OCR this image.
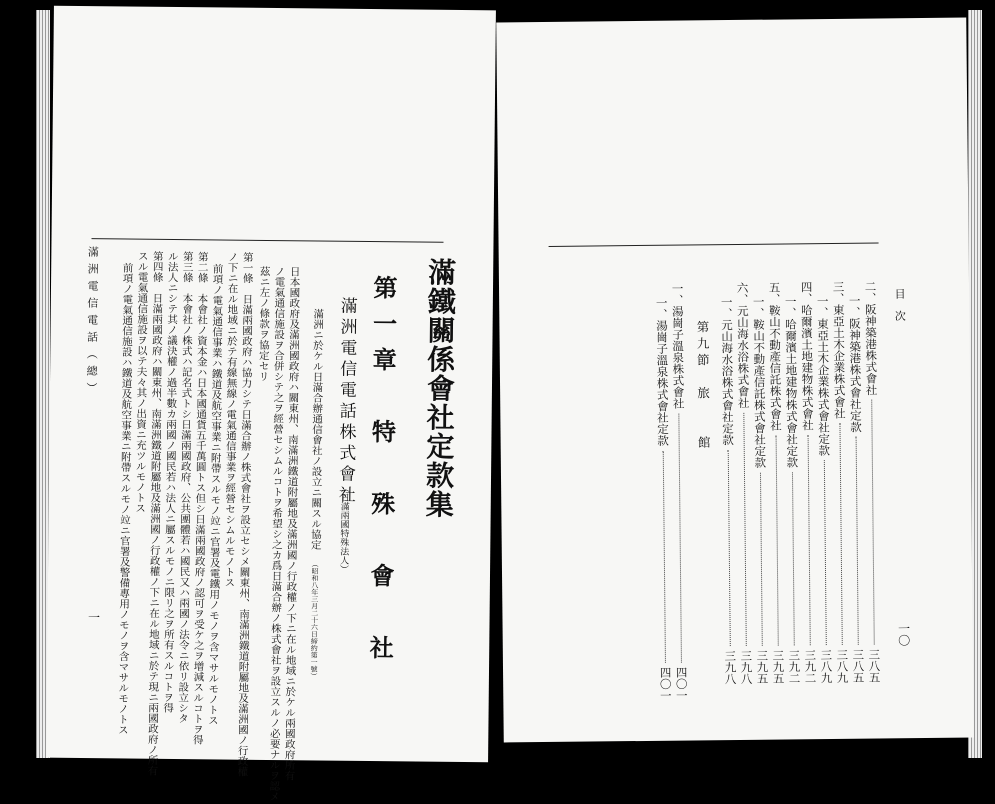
滿鐵關係會社定款集
第一章　特　殊　會　社
滿洲電信電話株式會社
（日滿兩國特殊法人）
滿洲ニ於ケル日滿合辦通信會社ノ設立ニ關スル協定
（昭和八年三月二十六日締約第一號）
日本國政府及滿洲國政府ハ關東州、南滿洲鐵道附屬地及滿洲國ノ行政權ノ下ニ在ル地域ニ於ケル兩國政府所有
ノ電氣通信施設ヲ合併シテ之ヲ經營セシムルコトヲ希望シ之カ爲日滿合辦ノ株式會社ヲ設立スルノ必要ナルヲ認メ
茲ニ左ノ條款ヲ協定セリ
第一條　日滿兩國政府ハ協力シテ日滿合辦ノ株式會社ヲ設立セシメ關東州、南滿洲鐵道附屬地及滿洲國ノ行政權
ノ下ニ在ル地域ニ於テ有線無線ノ電氣通信事業ヲ經營セシムルモノトス
前項ノ電氣通信事業ハ鐵道及航空事業ニ附帶スルモノ竝ニ官署及電鐵用ノモノヲ含マサルモノトス
第二條　本會社ノ資本金ハ日本國通貨五千萬圓トス但シ日滿兩國政府ノ認可ヲ受ケ之ヲ增減スルコトヲ得
第三條　本會社ノ株式ハ記名式トシ日滿兩國政府、公共團體若ハ國民又ハ兩國ノ法令ニ依リ設立シタ
ル法人ニシテ其ノ議決權ノ過半數カ兩國ノ國民若ハ法人ニ屬スルモノニ限リ之ヲ所有スルコトヲ得
第四條　日滿兩國政府ハ關東州、南滿洲鐵道附屬地及滿洲國ノ行政權ノ下ニ在ル地域ニ於テ現ニ兩國政府ノ所有
スル電氣通信施設ヲ以テ夫々其ノ出資ニ充ツルモノトス
前項ノ電氣通信施設ハ鐵道及航空事業ニ附帶スルモノ竝ニ官署及警備專用ノモノヲ含マサルモノトス
滿洲電信電話（總）
一
目　次
二、阪神築港株式會社
三八五
一、阪神築港株式會社定款
三八五
三、東亞土木企業株式會社
三八九
一、東亞土木企業株式會社定款
三八九
四、哈爾濱土地建物株式會社
三九二
一、哈爾濱土地建物株式會社定款
三九二
五、鞍山不動產信託株式會社
三九五
一、鞍山不動產信託株式會社定款
三九五
六、元山海水浴株式會社
三九八
一、元山海水浴株式會社定款
三九八
第九節　旅　　館
一、湯崗子溫泉株式會社
四〇一
一、湯崗子溫泉株式會社定款
四〇一
一〇
